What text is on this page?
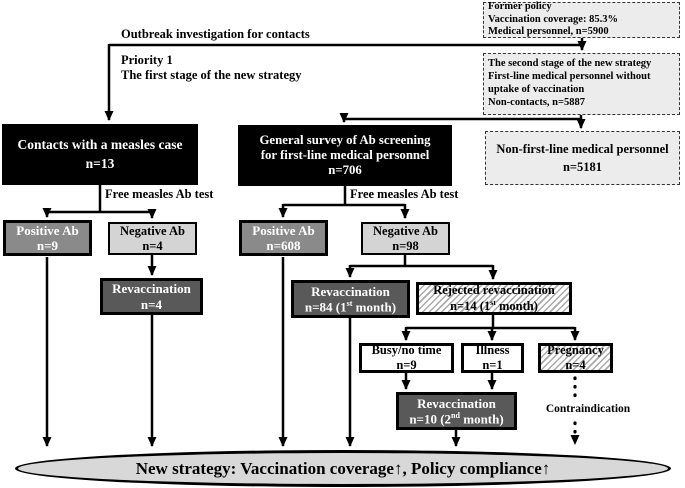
Former policy
Vaccination coverage: 85.3%
Medical personnel, n=5900
The second stage of the new strategy
First-line medical personnel without
uptake of vaccination
Non-contacts, n=5887
Non-first-line medical personnel
n=5181
Outbreak investigation for contacts
Priority 1
The first stage of the new strategy
Contacts with a measles case
n=13
General survey of Ab screening
for first-line medical personnel
n=706
Free measles Ab test	Free measles Ab test
Positive Ab
n=9
Negative Ab
n=4
Revaccination
n=4
Positive Ab
n=608
Negative Ab
n=98
Revaccination
n=84 (1st month)
Rejected revaccination
n=14 (1st month)
Busy/no time
n=9
Illness
n=1
Pregnancy
n=4
Revaccination
n=10 (2nd month)
Contraindication
New strategy: Vaccination coverage↑, Policy compliance↑
